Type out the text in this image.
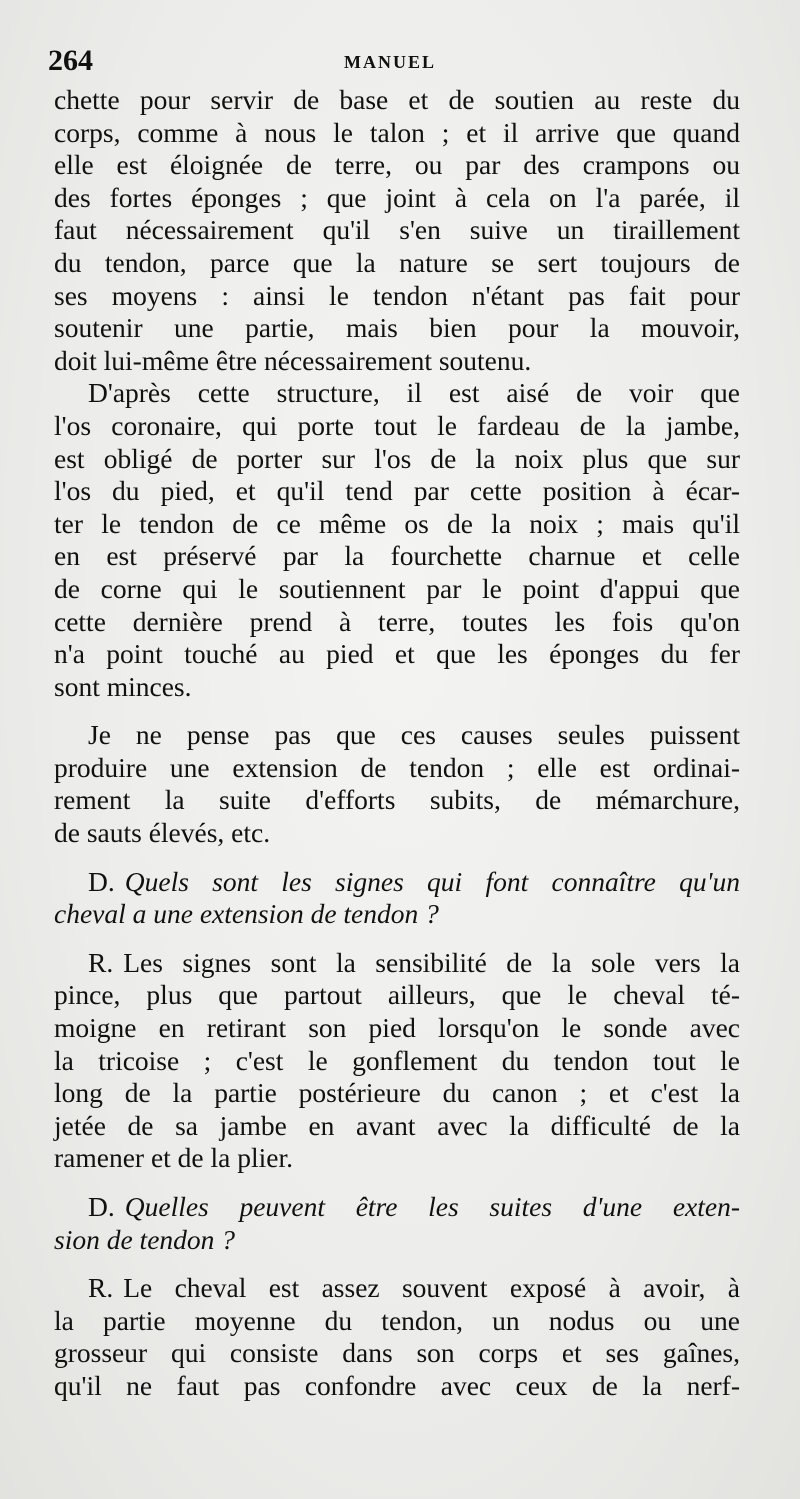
264	MANUEL
chette pour servir de base et de soutien au reste du
corps, comme à nous le talon ; et il arrive que quand
elle est éloignée de terre, ou par des crampons ou
des fortes éponges ; que joint à cela on l'a parée, il
faut nécessairement qu'il s'en suive un tiraillement
du tendon, parce que la nature se sert toujours de
ses moyens : ainsi le tendon n'étant pas fait pour
soutenir une partie, mais bien pour la mouvoir,
doit lui-même être nécessairement soutenu.
D'après cette structure, il est aisé de voir que
l'os coronaire, qui porte tout le fardeau de la jambe,
est obligé de porter sur l'os de la noix plus que sur
l'os du pied, et qu'il tend par cette position à écar-
ter le tendon de ce même os de la noix ; mais qu'il
en est préservé par la fourchette charnue et celle
de corne qui le soutiennent par le point d'appui que
cette dernière prend à terre, toutes les fois qu'on
n'a point touché au pied et que les éponges du fer
sont minces.
Je ne pense pas que ces causes seules puissent
produire une extension de tendon ; elle est ordinai-
rement la suite d'efforts subits, de mémarchure,
de sauts élevés, etc.
D. Quels sont les signes qui font connaître qu'un
cheval a une extension de tendon ?
R. Les signes sont la sensibilité de la sole vers la
pince, plus que partout ailleurs, que le cheval té-
moigne en retirant son pied lorsqu'on le sonde avec
la tricoise ; c'est le gonflement du tendon tout le
long de la partie postérieure du canon ; et c'est la
jetée de sa jambe en avant avec la difficulté de la
ramener et de la plier.
D. Quelles peuvent être les suites d'une exten-
sion de tendon ?
R. Le cheval est assez souvent exposé à avoir, à
la partie moyenne du tendon, un nodus ou une
grosseur qui consiste dans son corps et ses gaînes,
qu'il ne faut pas confondre avec ceux de la nerf-
